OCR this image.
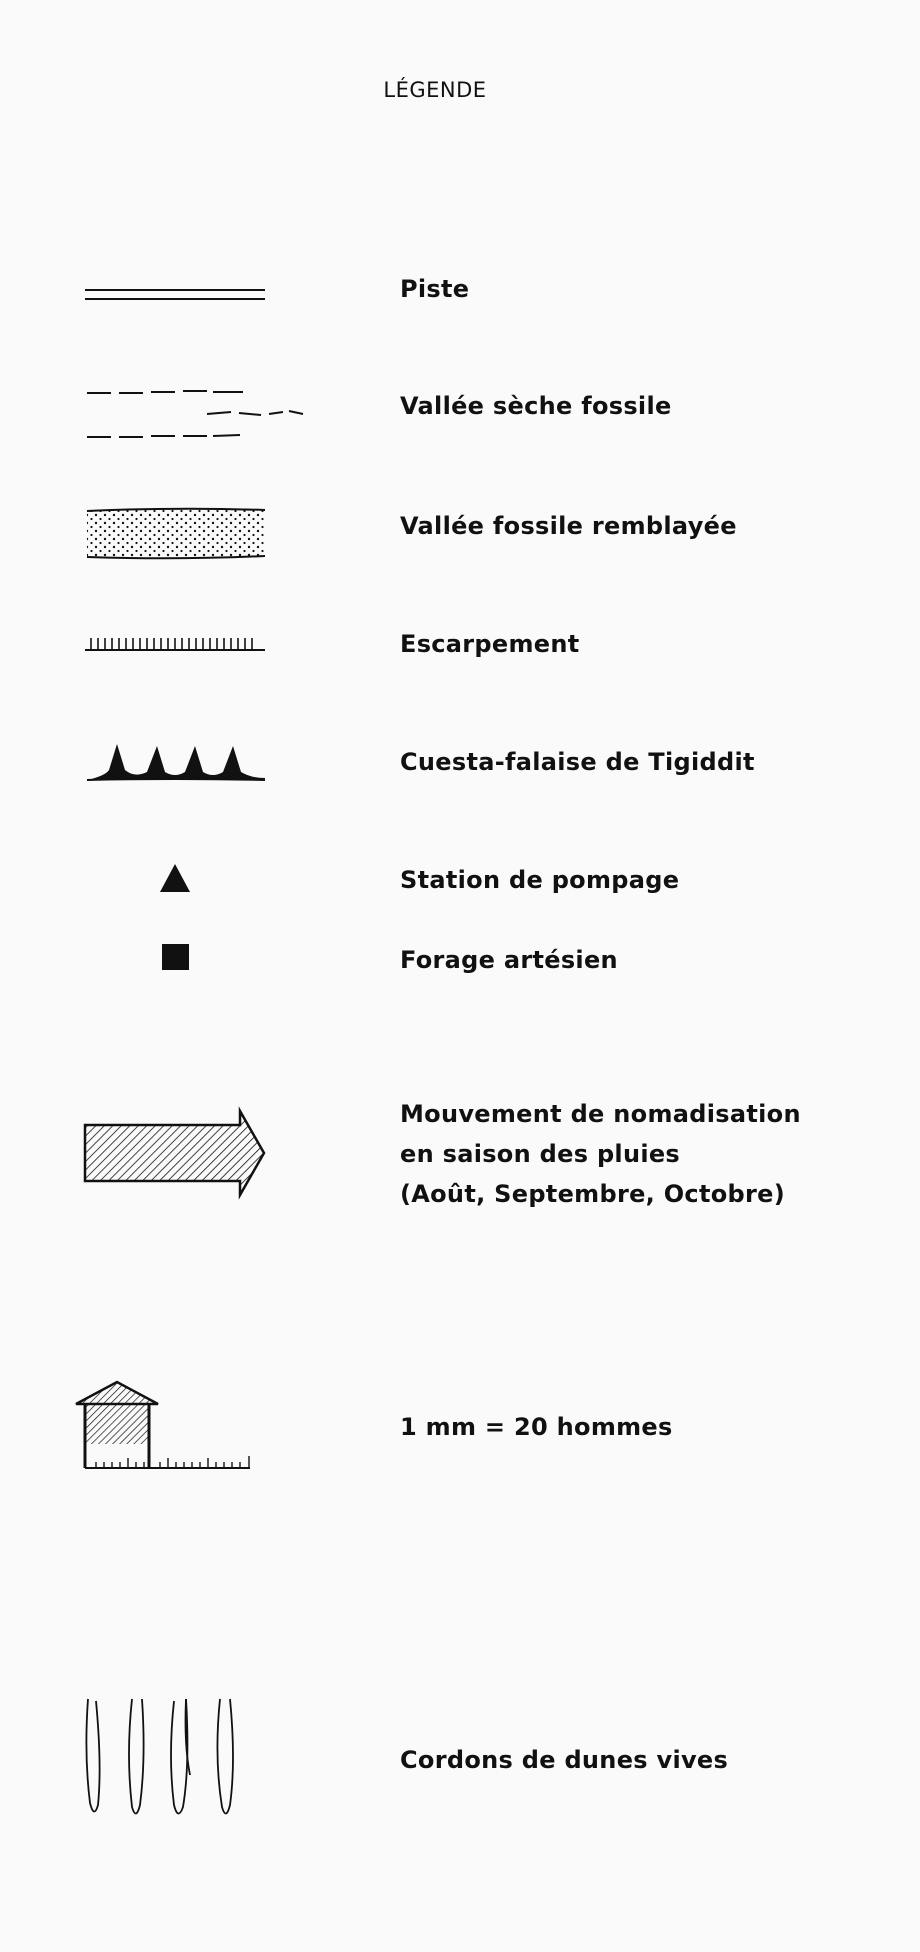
LÉGENDE
Piste
Vallée sèche fossile
Vallée fossile remblayée
Escarpement
Cuesta-falaise de Tigiddit
Station de pompage
Forage artésien
Mouvement de nomadisation
en saison des pluies
(Août, Septembre, Octobre)
1 mm = 20 hommes
Cordons de dunes vives
